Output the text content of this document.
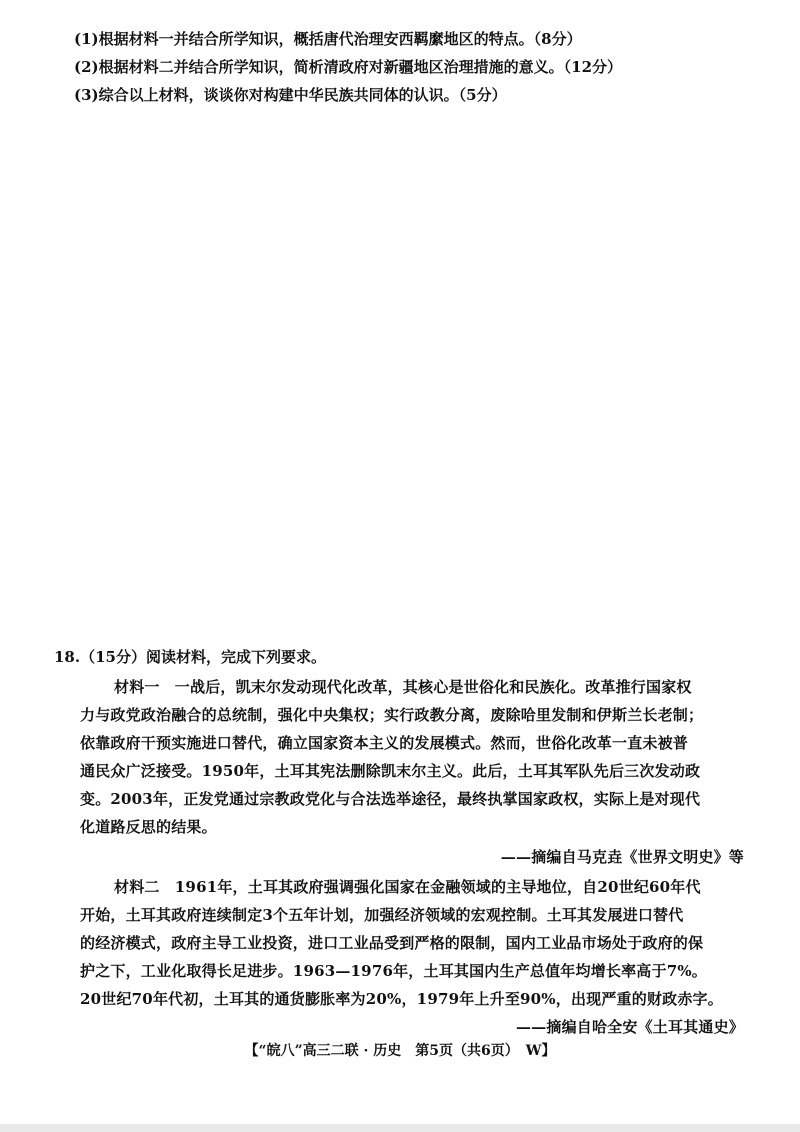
(1)根据材料一并结合所学知识，概括唐代治理安西羁縻地区的特点。（8分）
(2)根据材料二并结合所学知识，简析清政府对新疆地区治理措施的意义。（12分）
(3)综合以上材料，谈谈你对构建中华民族共同体的认识。（5分）
18.（15分）阅读材料，完成下列要求。
材料一　一战后，凯末尔发动现代化改革，其核心是世俗化和民族化。改革推行国家权
力与政党政治融合的总统制，强化中央集权；实行政教分离，废除哈里发制和伊斯兰长老制；
依靠政府干预实施进口替代，确立国家资本主义的发展模式。然而，世俗化改革一直未被普
通民众广泛接受。1950年，土耳其宪法删除凯末尔主义。此后，土耳其军队先后三次发动政
变。2003年，正发党通过宗教政党化与合法选举途径，最终执掌国家政权，实际上是对现代
化道路反思的结果。
——摘编自马克垚《世界文明史》等
材料二　1961年，土耳其政府强调强化国家在金融领域的主导地位，自20世纪60年代
开始，土耳其政府连续制定3个五年计划，加强经济领域的宏观控制。土耳其发展进口替代
的经济模式，政府主导工业投资，进口工业品受到严格的限制，国内工业品市场处于政府的保
护之下，工业化取得长足进步。1963—1976年，土耳其国内生产总值年均增长率高于7%。
20世纪70年代初，土耳其的通货膨胀率为20%，1979年上升至90%，出现严重的财政赤字。
——摘编自哈全安《土耳其通史》
【“皖八”高三二联 · 历史　第5页（共6页）　W】
